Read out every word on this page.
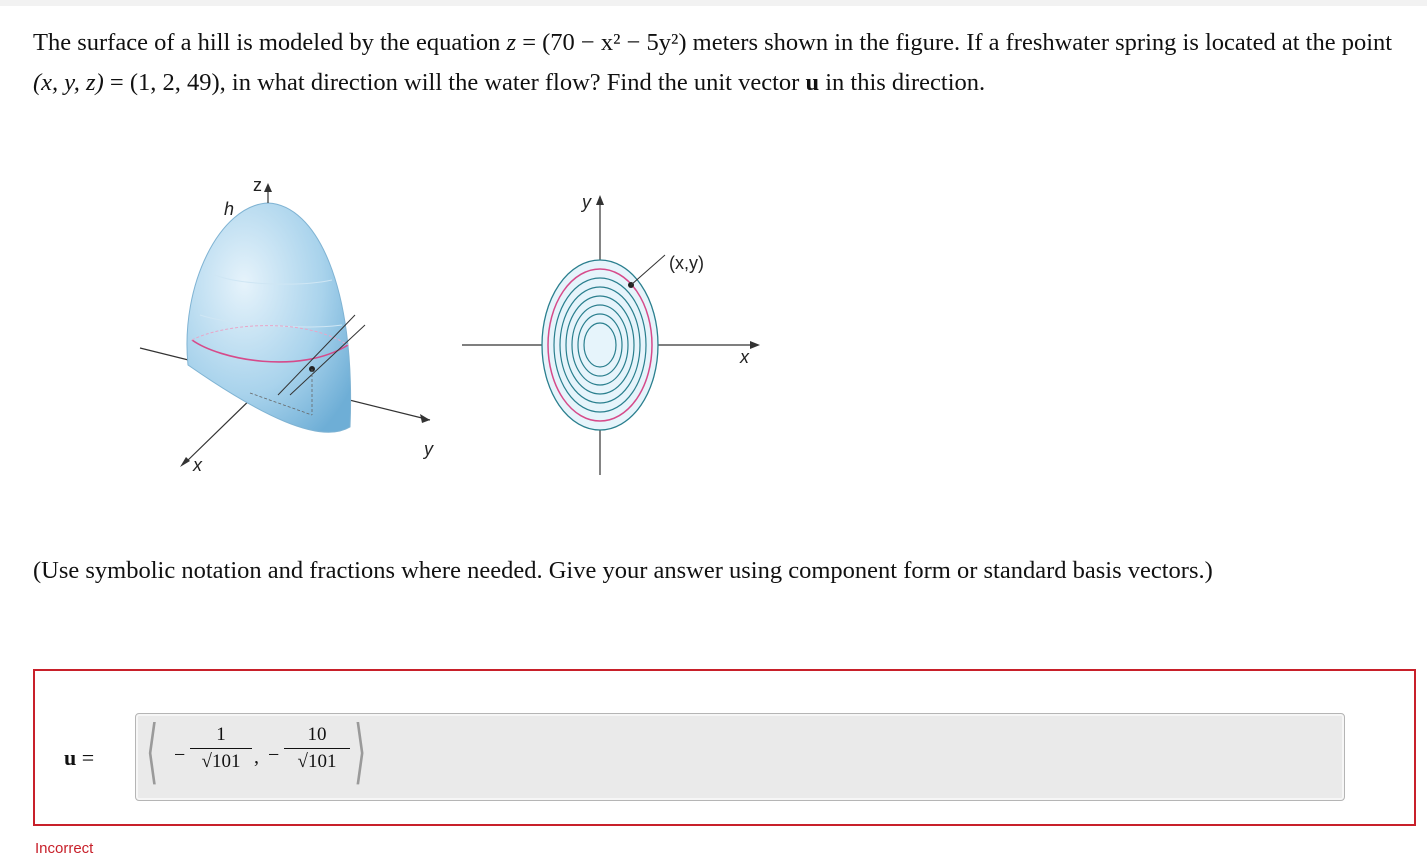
The surface of a hill is modeled by the equation z = (70 − x² − 5y²) meters shown in the figure. If a freshwater spring is located at the point (x, y, z) = (1, 2, 49), in what direction will the water flow? Find the unit vector u in this direction.
z
h
x
y
y
x
(x,y)
(Use symbolic notation and fractions where needed. Give your answer using component form or standard basis vectors.)
u = ⟨ −
1
√101 , −
10
√101 ⟩
Incorrect
